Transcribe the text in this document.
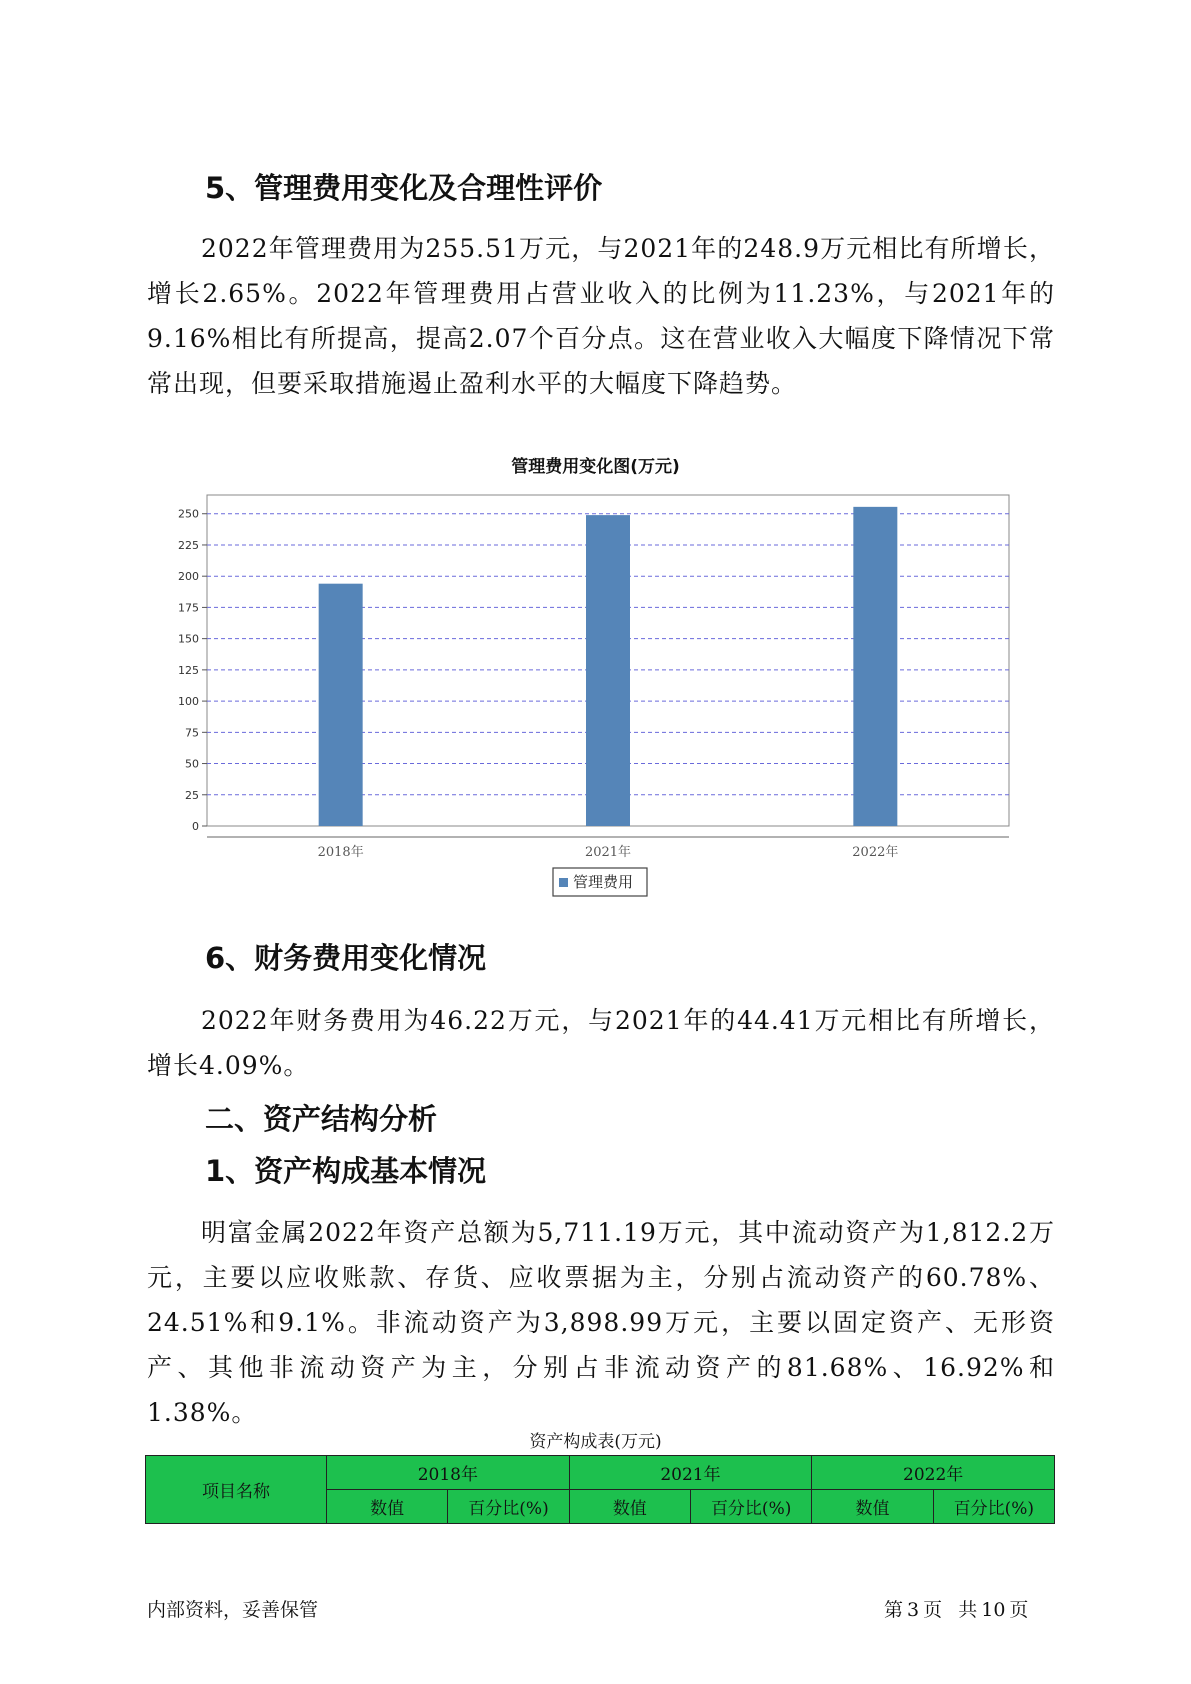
5、管理费用变化及合理性评价

2022年管理费用为255.51万元，与2021年的248.9万元相比有所增长，增长2.65%。2022年管理费用占营业收入的比例为11.23%，与2021年的9.16%相比有所提高，提高2.07个百分点。这在营业收入大幅度下降情况下常常出现，但要采取措施遏止盈利水平的大幅度下降趋势。

管理费用变化图(万元)
0
25
50
75
100
125
150
175
200
225
250
2018年	2021年	2022年
管理费用
6、财务费用变化情况

2022年财务费用为46.22万元，与2021年的44.41万元相比有所增长，增长4.09%。

二、资产结构分析
1、资产构成基本情况

明富金属2022年资产总额为5,711.19万元，其中流动资产为1,812.2万元，主要以应收账款、存货、应收票据为主，分别占流动资产的60.78%、24.51%和9.1%。非流动资产为3,898.99万元，主要以固定资产、无形资产、其他非流动资产为主，分别占非流动资产的81.68%、16.92%和1.38%。

资产构成表(万元)
项目名称	2018年		2021年		2022年	
	数值	百分比(%)	数值	百分比(%)	数值	百分比(%)
内部资料，妥善保管	第 3 页 共 10 页
